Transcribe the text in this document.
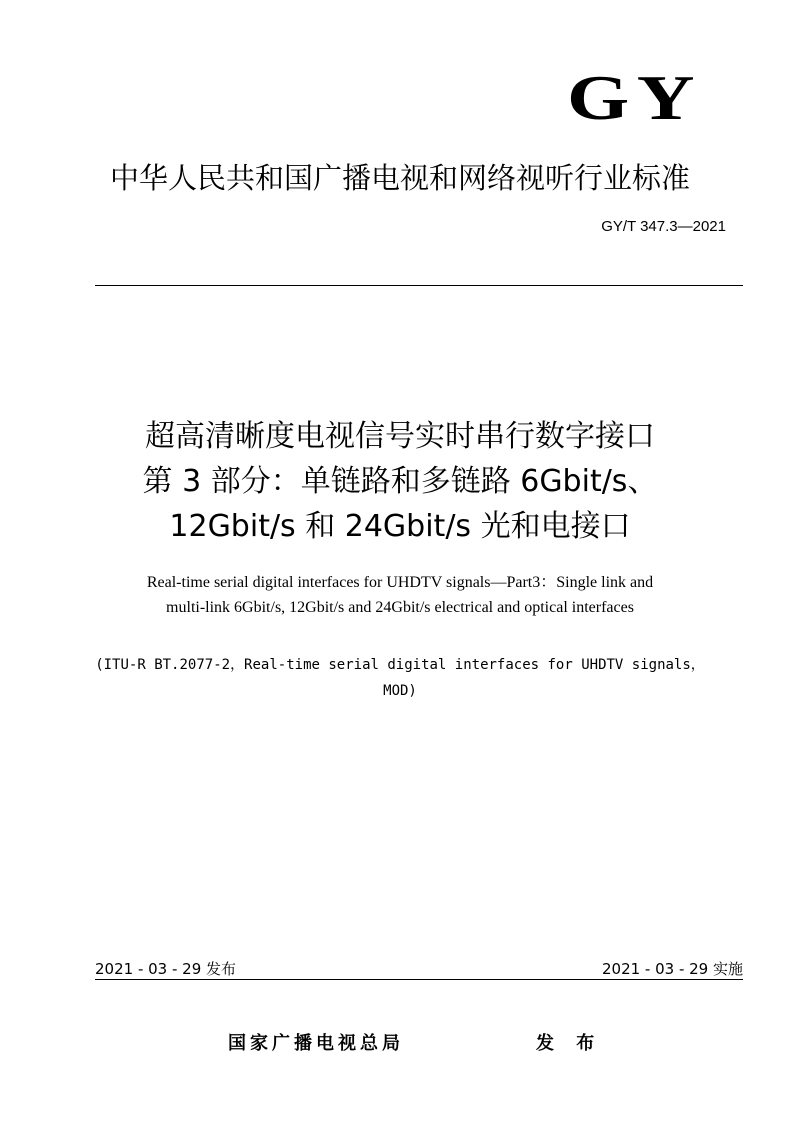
GY
中华人民共和国广播电视和网络视听行业标准
GY/T 347.3—2021
超高清晰度电视信号实时串行数字接口
第 3 部分：单链路和多链路 6Gbit/s、
12Gbit/s 和 24Gbit/s 光和电接口
Real-time serial digital interfaces for UHDTV signals—Part3：Single link and
multi-link 6Gbit/s, 12Gbit/s and 24Gbit/s electrical and optical interfaces
(ITU-R BT.2077-2，Real-time serial digital interfaces for UHDTV signals，
MOD)
2021 - 03 - 29 发布	2021 - 03 - 29 实施
国家广播电视总局	发 布
